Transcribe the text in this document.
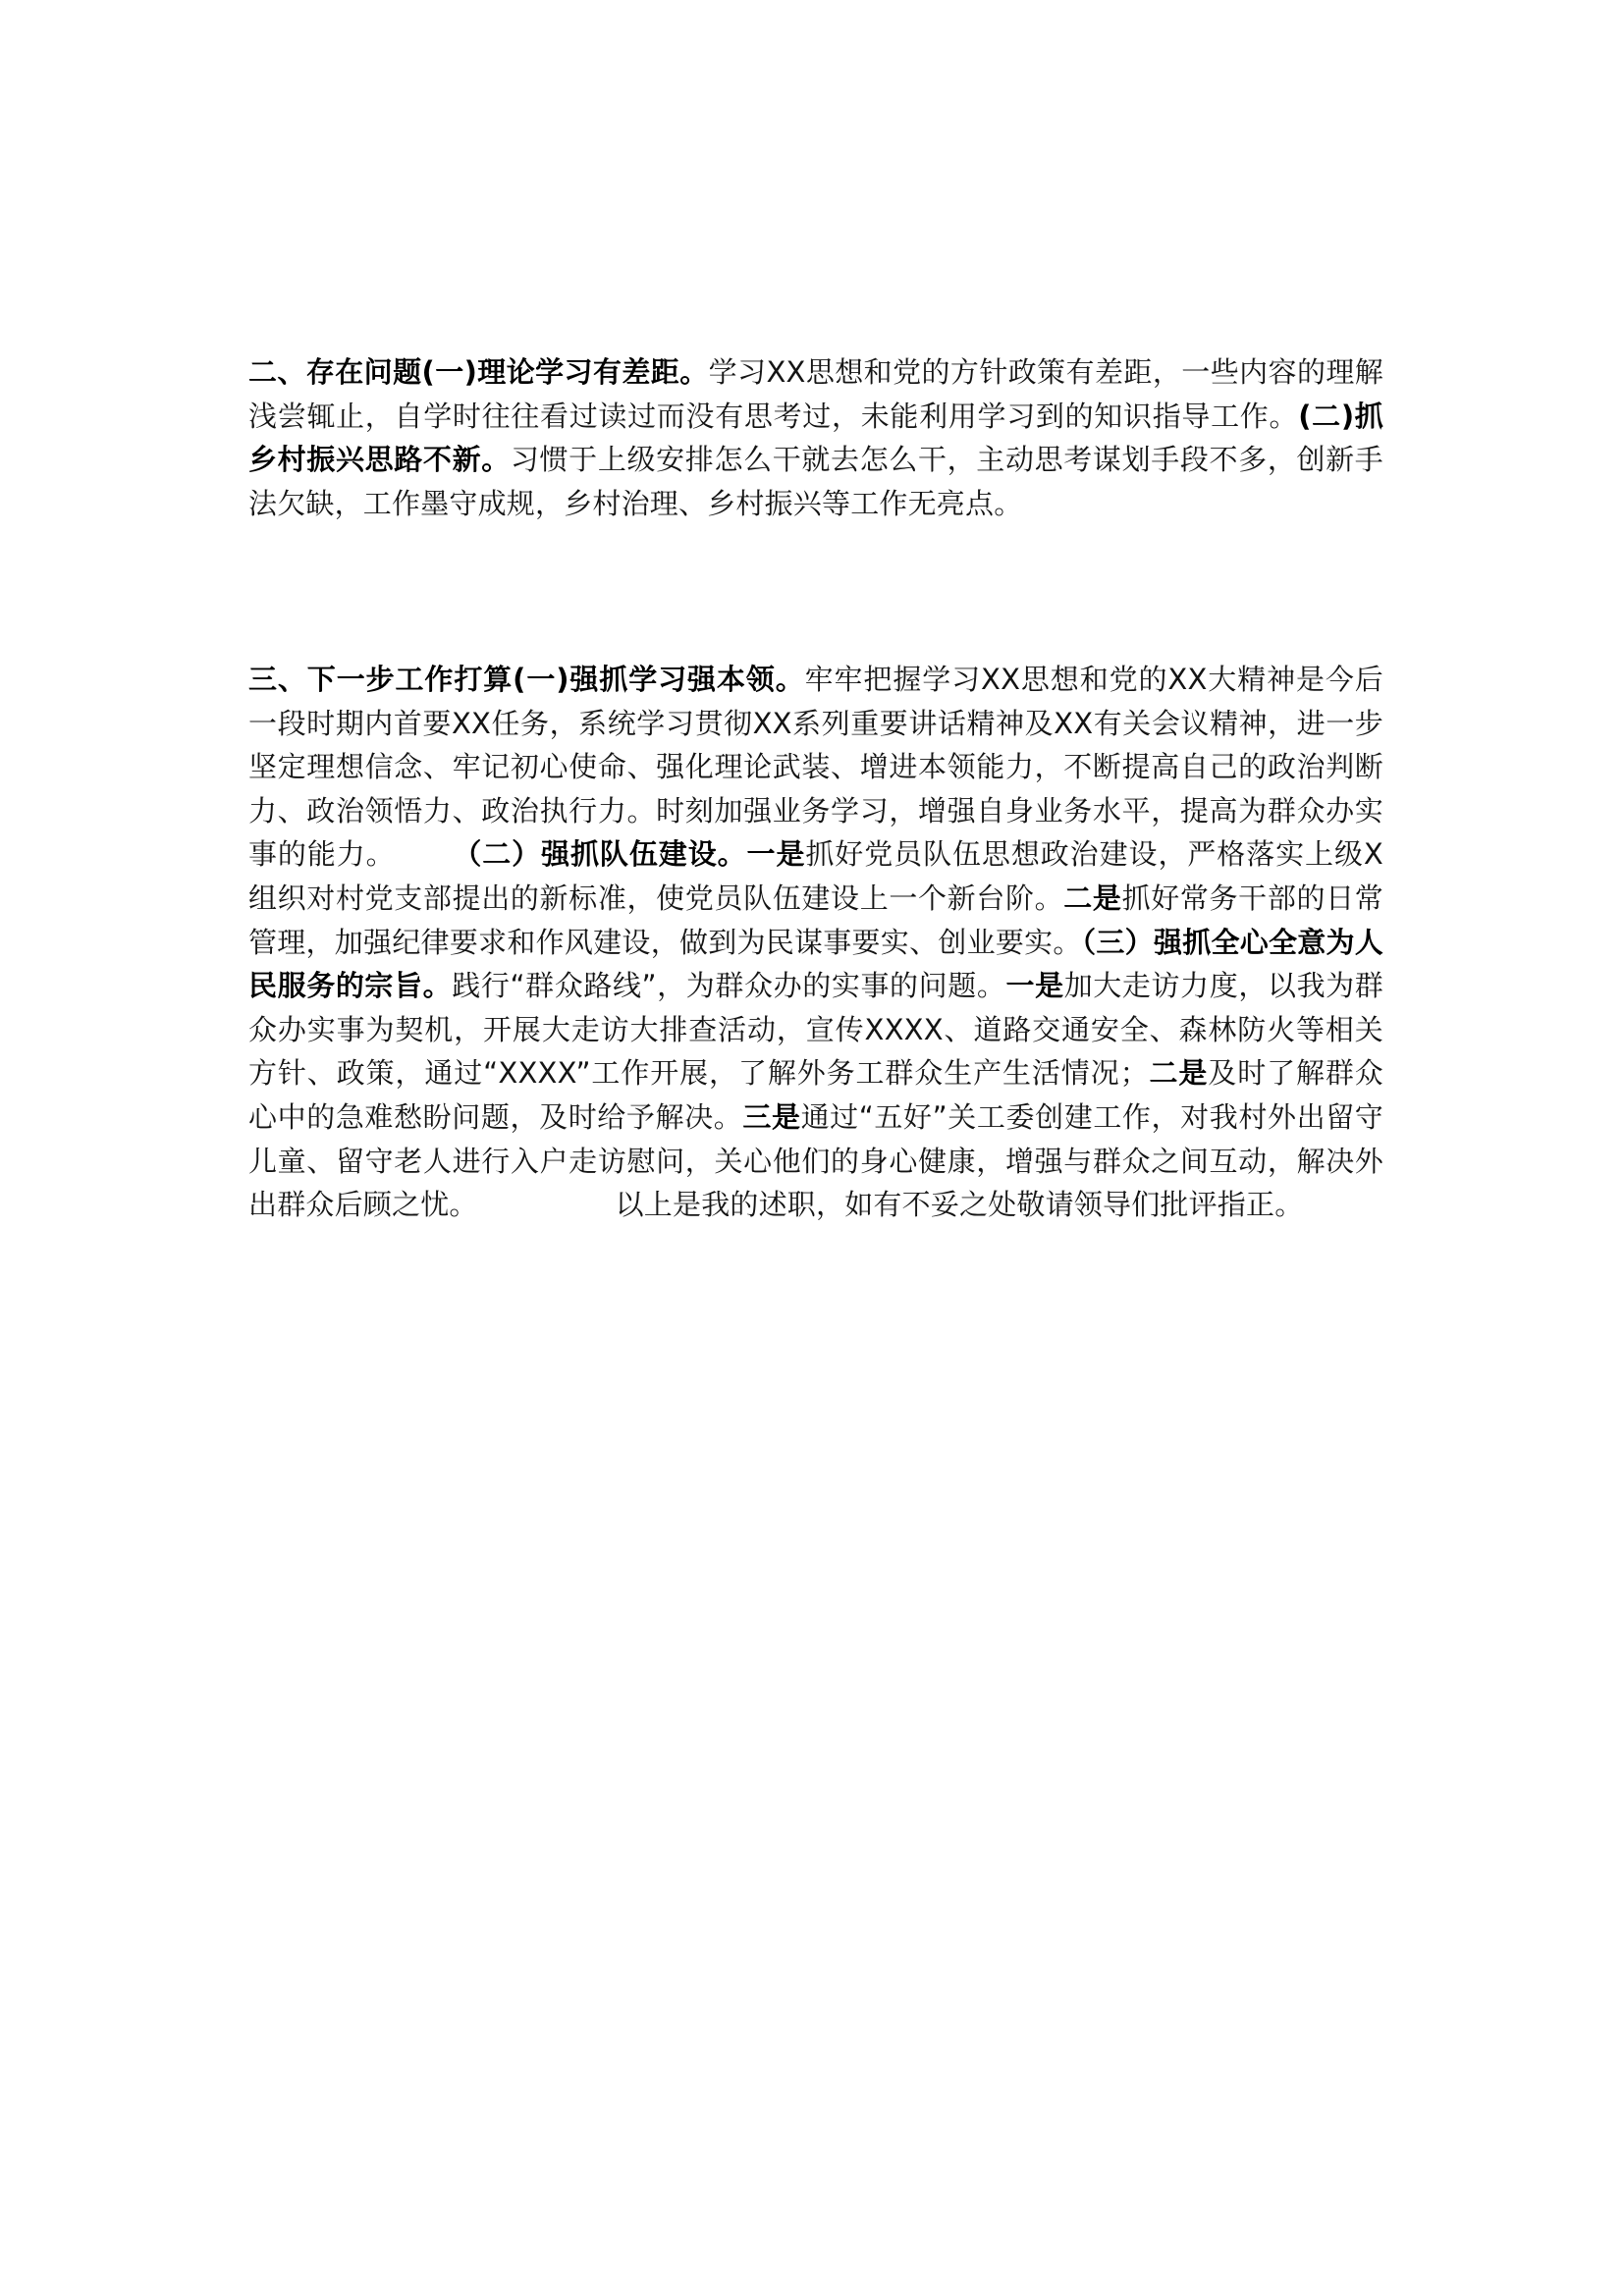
二、存在问题(一)理论学习有差距。学习XX思想和党的方针政策有差距，一些内容的理解浅尝辄止，自学时往往看过读过而没有思考过，未能利用学习到的知识指导工作。(二)抓乡村振兴思路不新。习惯于上级安排怎么干就去怎么干，主动思考谋划手段不多，创新手法欠缺，工作墨守成规，乡村治理、乡村振兴等工作无亮点。

三、下一步工作打算(一)强抓学习强本领。牢牢把握学习XX思想和党的XX大精神是今后一段时期内首要XX任务，系统学习贯彻XX系列重要讲话精神及XX有关会议精神，进一步坚定理想信念、牢记初心使命、强化理论武装、增进本领能力，不断提高自己的政治判断力、政治领悟力、政治执行力。时刻加强业务学习，增强自身业务水平，提高为群众办实事的能力。 （二）强抓队伍建设。一是抓好党员队伍思想政治建设，严格落实上级X组织对村党支部提出的新标准，使党员队伍建设上一个新台阶。二是抓好常务干部的日常管理，加强纪律要求和作风建设，做到为民谋事要实、创业要实。（三）强抓全心全意为人民服务的宗旨。践行“群众路线”，为群众办的实事的问题。一是加大走访力度，以我为群众办实事为契机，开展大走访大排查活动，宣传XXXX、道路交通安全、森林防火等相关方针、政策，通过“XXXX”工作开展，了解外务工群众生产生活情况；二是及时了解群众心中的急难愁盼问题，及时给予解决。三是通过“五好”关工委创建工作，对我村外出留守儿童、留守老人进行入户走访慰问，关心他们的身心健康，增强与群众之间互动，解决外出群众后顾之忧。	以上是我的述职，如有不妥之处敬请领导们批评指正。
